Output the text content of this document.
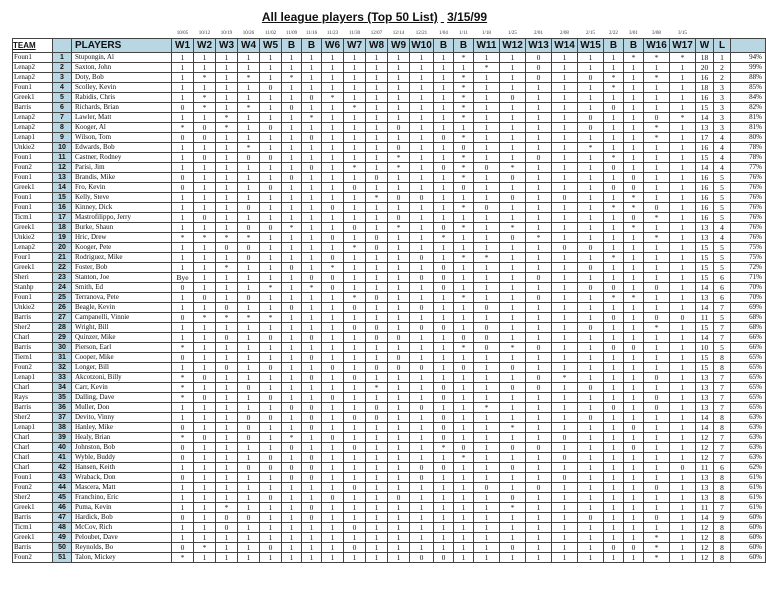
All league players (Top 50 List) 3/15/99
			10/05	10/12	10/19	10/26	11/02	11/09	11/16	11/23	11/30	12/07	12/14	12/21	1/04	1/11	1/18	1/25	2/01	2/08	2/15	2/22	3/01	3/08	3/15			
TEAM		PLAYERS	W1	W2	W3	W4	W5	B	B	W6	W7	W8	W9	W10	B	B	W11	W12	W13	W14	W15	B	B	W16	W17	W	L	
Foun1	1	Stupongin, Al	1	1	1	1	1	1	1	1	1	1	1	1	1	*	1	1	0	1	1	1	*	*	*	18	1	94%
Lenap2	2	Saxton, John	1	1	1	1	1	1	1	1	1	1	1	1	1	1	*	1	0	1	1	1	1	1	1	20	2	99%
Lenap2	3	Doty, Bob	1	*	1	*	1	*	1	1	1	1	1	1	1	*	1	1	0	1	0	*	1	*	1	16	2	88%
Foun1	4	Scolley, Kevin	1	1	1	1	0	1	1	1	1	1	1	1	1	*	1	1	1	1	1	*	1	1	1	18	3	85%
Greek1	5	Rabidis, Chris	1	*	1	1	1	1	0	*	1	1	1	1	1	*	1	0	1	1	1	1	1	1	1	16	3	84%
Barris	6	Richards, Brian	0	*	1	*	1	0	1	1	*	1	1	1	1	*	1	1	1	1	1	0	1	1	1	15	3	82%
Lenap2	7	Lawler, Matt	1	1	*	1	1	1	*	1	1	1	1	1	1	*	1	1	1	1	0	1	1	0	*	14	3	81%
Lenap2	8	Kooger, Al	*	0	*	1	0	1	1	1	1	1	0	1	1	1	1	1	1	1	0	1	1	*	1	13	3	81%
Lenap1	9	Wilson, Tom	0	0	1	1	1	1	0	1	1	1	1	1	0	*	1	1	1	1	1	1	1	*	1	17	4	80%
Unkie2	10	Edwards, Bob	1	1	1	*	1	1	1	1	1	1	0	1	1	0	1	1	1	1	*	1	1	1	1	16	4	78%
Foun1	11	Castner, Rodney	1	0	1	0	0	1	1	1	1	1	*	1	1	*	1	1	0	1	1	*	1	1	1	15	4	78%
Foun2	12	Parisi, Jim	1	1	1	1	1	1	0	1	*	1	*	1	0	*	0	*	1	1	1	0	1	1	1	14	4	77%
Foun1	13	Brandis, Mike	0	1	1	1	1	0	1	1	1	0	1	1	1	*	1	0	1	1	1	1	0	1	1	16	5	76%
Greek1	14	Fro, Kevin	0	1	1	1	0	1	1	1	0	1	1	1	1	0	1	1	1	1	1	0	0	1	1	16	5	76%
Foun1	15	Kelly, Steve	1	1	1	1	1	1	1	1	1	*	0	0	1	1	1	0	1	0	1	1	*	1	1	16	5	76%
Foun1	16	Kinney, Dick	1	1	1	0	1	1	1	0	1	1	1	1	1	*	0	1	1	1	1	*	*	0	1	16	5	76%
Ticm1	17	Mastrofilippo, Jerry	1	0	1	1	1	1	1	1	1	1	0	1	1	1	1	1	1	1	1	1	0	*	1	16	5	76%
Greek1	18	Burke, Shaun	1	1	1	0	0	*	1	1	0	1	*	1	0	*	1	*	1	1	1	1	*	1	1	13	4	76%
Unkie2	19	Hric, Drew	*	*	*	*	1	1	1	0	1	0	1	1	*	1	1	0	*	1	1	1	1	*	1	13	4	76%
Lenap2	20	Kooger, Pete	1	1	0	0	1	1	1	1	*	0	1	1	1	1	1	1	1	0	0	1	1	1	1	15	5	75%
Four1	21	Rodriguez, Mike	1	1	1	0	1	1	1	0	1	1	1	0	1	*	*	1	1	1	1	*	1	1	1	15	5	75%
Greek1	22	Foster, Bob	1	1	*	1	1	0	1	*	1	1	1	1	0	1	1	1	1	1	0	1	1	1	1	15	5	72%
Sheri	23	Stanton, Joe	Bye	1	1	1	1	1	0	0	1	1	1	0	0	1	1	1	0	1	1	1	1	1	1	15	6	71%
Stanhp	24	Smith, Ed	0	1	1	1	*	1	*	0	1	1	1	1	0	1	1	1	1	1	0	0	1	0	1	14	6	70%
Foun1	25	Terranova, Pete	1	0	1	0	1	1	1	1	*	0	1	1	1	*	1	1	0	1	1	*	*	1	1	13	6	70%
Unkie2	26	Beagle, Kevin	1	1	0	1	1	0	1	1	0	1	1	0	1	1	0	1	1	1	1	1	1	1	1	14	7	69%
Barris	27	Campanelli, Vinnie	0	*	*	*	*	1	1	1	1	1	1	1	1	1	1	1	1	1	1	0	1	0	0	11	5	68%
Sher2	28	Wright, Bill	1	1	1	1	1	1	1	1	0	0	1	0	0	1	0	1	1	1	0	1	1	*	1	15	7	68%
Charl	29	Quinzer, Mike	1	1	0	1	0	1	0	1	1	0	0	1	1	0	0	1	1	1	1	1	1	1	1	14	7	66%
Barris	30	Pierson, Earl	*	1	1	1	1	1	1	1	1	1	1	1	1	*	0	*	0	1	1	0	0	1	1	10	5	66%
Tiern1	31	Cooper, Mike	0	1	1	1	1	1	0	1	1	1	0	1	1	1	1	1	1	1	1	1	1	1	1	15	8	65%
Foun2	32	Longer, Bill	1	1	0	1	0	1	1	0	1	0	0	0	1	0	1	0	1	1	1	1	1	1	1	15	8	65%
Lenap1	33	Akcotzoni, Billy	*	0	1	1	1	1	0	1	0	1	1	1	1	1	1	1	0	*	1	1	1	0	1	13	7	65%
Charl	34	Carr, Kevin	*	1	1	0	1	1	1	1	1	*	1	1	0	1	1	0	0	1	0	1	1	1	1	13	7	65%
Rays	35	Dalling, Dave	*	0	1	1	0	1	1	0	1	1	1	1	0	1	1	1	1	1	1	1	1	0	1	13	7	65%
Barris	36	Muller, Don	1	1	1	1	1	0	0	1	1	0	1	0	1	1	*	1	1	1	1	0	1	0	1	13	7	65%
Sher2	37	Devito, Vinny	1	1	1	0	0	1	0	1	0	0	1	1	0	1	1	1	1	1	0	1	1	1	1	14	8	63%
Lenap1	38	Hanley, Mike	0	1	1	0	1	1	0	1	1	1	1	1	0	1	1	*	1	1	1	1	0	1	1	14	8	63%
Charl	39	Healy, Brian	*	0	1	0	1	*	1	0	1	1	1	1	0	1	1	1	1	0	1	1	1	1	1	12	7	63%
Charl	40	Johnston, Bob	0	1	1	1	1	0	1	1	0	1	1	1	*	0	1	0	0	1	1	1	0	1	1	12	7	63%
Charl	41	Wyble, Buddy	0	1	1	1	0	1	0	1	1	1	1	1	1	*	1	1	1	0	1	1	1	1	1	12	7	63%
Charl	42	Hansen, Keith	1	1	1	0	0	0	0	1	1	1	1	0	0	1	1	0	1	1	1	1	1	1	0	11	6	62%
Foun1	43	Wraback, Don	0	1	1	1	1	0	0	1	1	1	1	0	1	1	1	1	1	0	1	1	1	1	1	13	8	61%
Foun2	44	Mascera, Matt	1	1	1	1	1	1	1	1	0	1	1	1	1	1	0	1	0	1	1	1	1	0	1	13	8	61%
Sher2	45	Franchino, Eric	1	1	1	1	0	1	1	0	1	1	0	1	1	1	1	0	1	1	1	1	1	1	1	13	8	61%
Greek1	46	Puma, Kevin	1	1	*	1	1	1	0	1	1	1	1	1	1	1	1	*	1	1	1	1	1	1	1	11	7	61%
Barris	47	Hardick, Bob	0	1	0	0	1	1	0	1	1	1	1	1	1	1	1	1	1	1	0	1	1	0	1	14	9	60%
Ticm1	48	McCov, Rich	1	1	0	1	1	1	1	1	0	1	1	1	1	1	1	1	1	1	1	1	1	1	1	12	8	60%
Greek1	49	Peloubet, Dave	1	1	1	1	1	1	1	1	1	1	1	1	1	1	1	1	1	1	1	1	1	*	1	12	8	60%
Barris	50	Reynolds, Bo	0	*	1	1	0	1	1	1	0	1	1	1	1	1	1	0	1	1	1	0	0	*	1	12	8	60%
Foun2	51	Talon, Mickey	*	1	1	1	1	1	1	1	1	1	1	0	0	1	1	1	1	1	1	1	1	*	1	12	8	60%
